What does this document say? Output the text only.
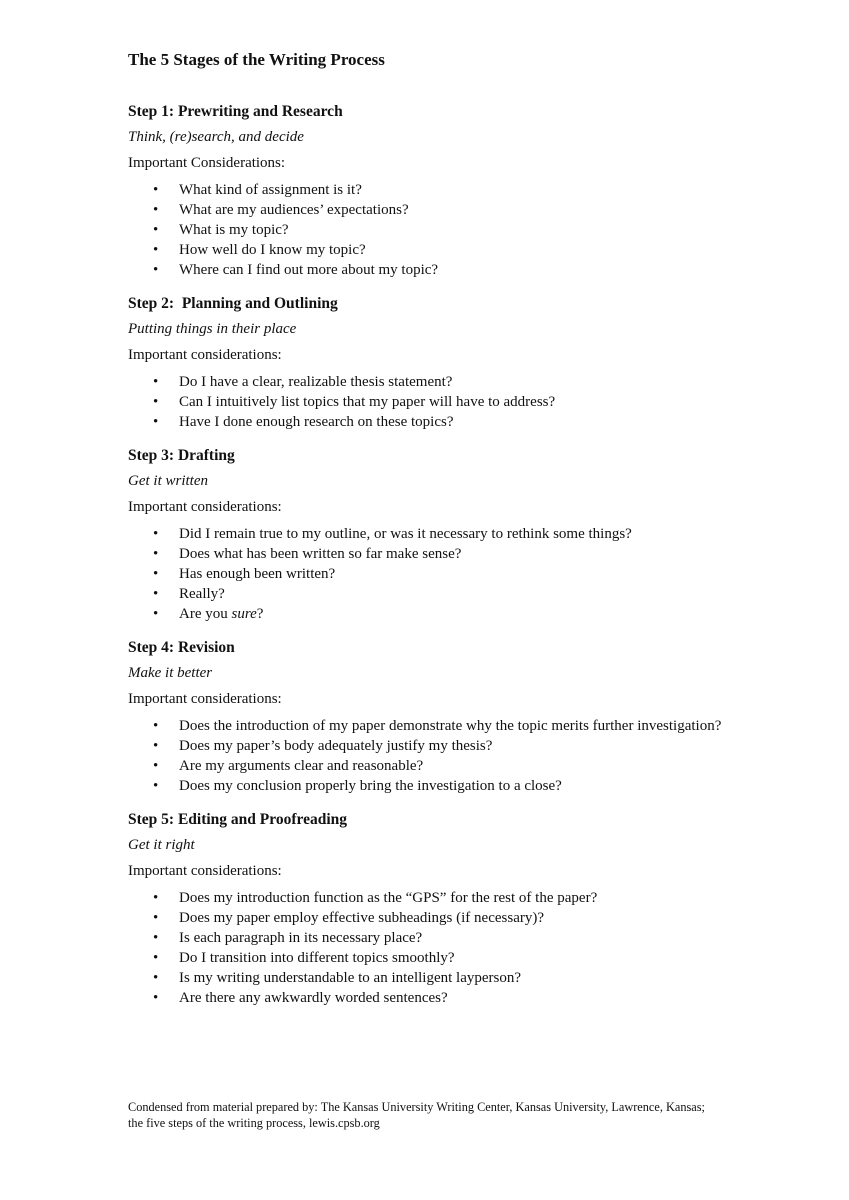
The 5 Stages of the Writing Process
Step 1: Prewriting and Research

Think, (re)search, and decide

Important Considerations:

• What kind of assignment is it?
• What are my audiences’ expectations?
• What is my topic?
• How well do I know my topic?
• Where can I find out more about my topic?
Step 2:  Planning and Outlining

Putting things in their place

Important considerations:

• Do I have a clear, realizable thesis statement?
• Can I intuitively list topics that my paper will have to address?
• Have I done enough research on these topics?
Step 3: Drafting

Get it written

Important considerations:

• Did I remain true to my outline, or was it necessary to rethink some things?
• Does what has been written so far make sense?
• Has enough been written?
• Really?
• Are you sure?
Step 4: Revision

Make it better

Important considerations:

• Does the introduction of my paper demonstrate why the topic merits further investigation?
• Does my paper’s body adequately justify my thesis?
• Are my arguments clear and reasonable?
• Does my conclusion properly bring the investigation to a close?
Step 5: Editing and Proofreading

Get it right

Important considerations:

• Does my introduction function as the “GPS” for the rest of the paper?
• Does my paper employ effective subheadings (if necessary)?
• Is each paragraph in its necessary place?
• Do I transition into different topics smoothly?
• Is my writing understandable to an intelligent layperson?
• Are there any awkwardly worded sentences?
Condensed from material prepared by: The Kansas University Writing Center, Kansas University, Lawrence, Kansas; the five steps of the writing process, lewis.cpsb.org
